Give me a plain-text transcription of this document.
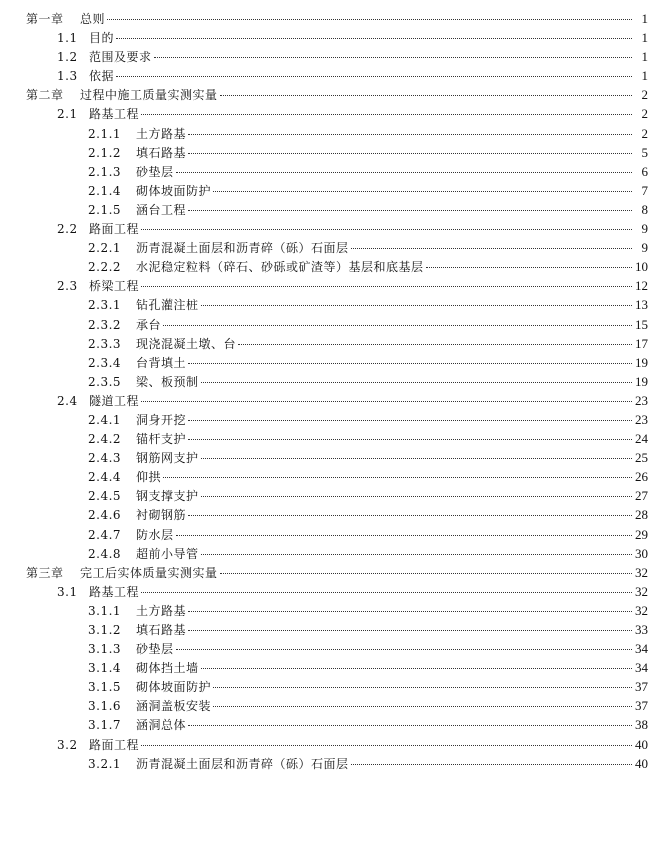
第一章	总则	1
1.1 目的	1
1.2 范围及要求	1
1.3 依据	1
第二章	过程中施工质量实测实量	2
2.1 路基工程	2
2.1.1	土方路基	2
2.1.2	填石路基	5
2.1.3	砂垫层	6
2.1.4	砌体坡面防护	7
2.1.5	涵台工程	8
2.2 路面工程	9
2.2.1	沥青混凝土面层和沥青碎（砾）石面层	9
2.2.2	水泥稳定粒料（碎石、砂砾或矿渣等）基层和底基层	10
2.3 桥梁工程	12
2.3.1	钻孔灌注桩	13
2.3.2	承台	15
2.3.3	现浇混凝土墩、台	17
2.3.4	台背填土	19
2.3.5	梁、板预制	19
2.4 隧道工程	23
2.4.1	洞身开挖	23
2.4.2	锚杆支护	24
2.4.3	钢筋网支护	25
2.4.4	仰拱	26
2.4.5	钢支撑支护	27
2.4.6	衬砌钢筋	28
2.4.7	防水层	29
2.4.8	超前小导管	30
第三章	完工后实体质量实测实量	32
3.1 路基工程	32
3.1.1	土方路基	32
3.1.2	填石路基	33
3.1.3	砂垫层	34
3.1.4	砌体挡土墙	34
3.1.5	砌体坡面防护	37
3.1.6	涵洞盖板安装	37
3.1.7	涵洞总体	38
3.2 路面工程	40
3.2.1	沥青混凝土面层和沥青碎（砾）石面层	40
